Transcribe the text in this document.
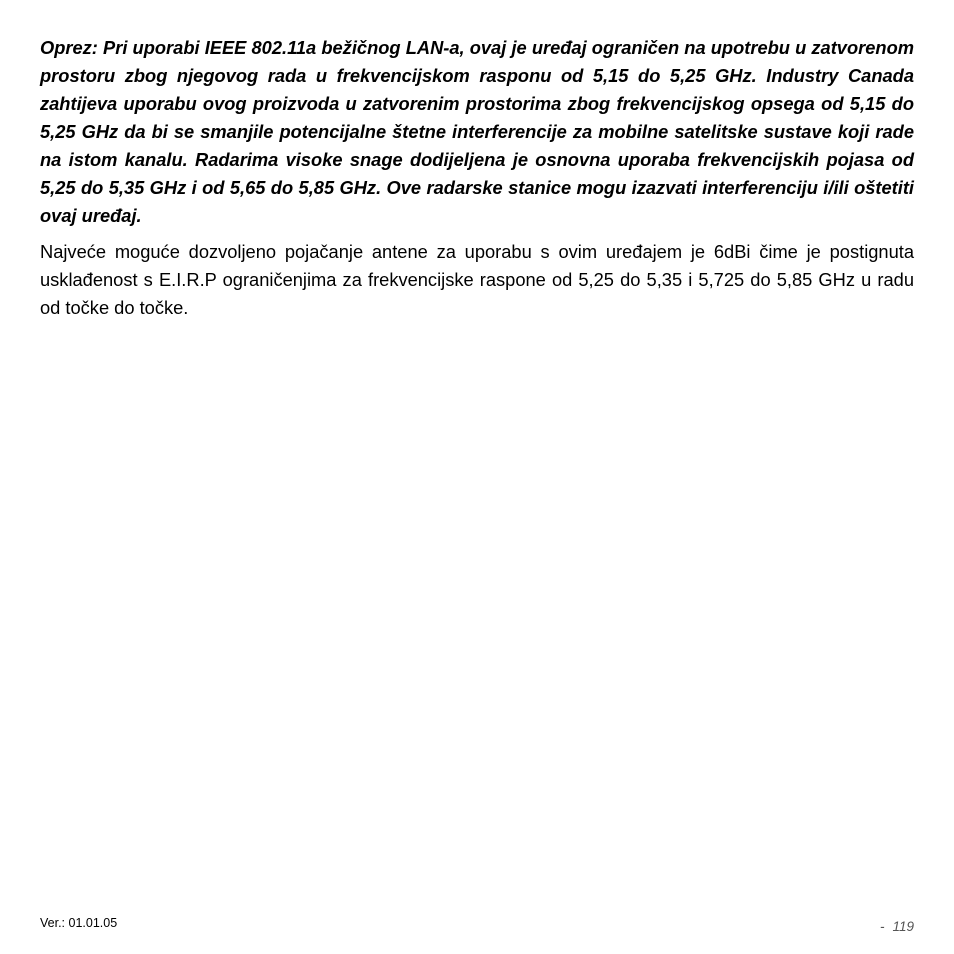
Oprez: Pri uporabi IEEE 802.11a bežičnog LAN-a, ovaj je uređaj ograničen na upotrebu u zatvorenom prostoru zbog njegovog rada u frekvencijskom rasponu od 5,15 do 5,25 GHz. Industry Canada zahtijeva uporabu ovog proizvoda u zatvorenim prostorima zbog frekvencijskog opsega od 5,15 do 5,25 GHz da bi se smanjile potencijalne štetne interferencije za mobilne satelitske sustave koji rade na istom kanalu. Radarima visoke snage dodijeljena je osnovna uporaba frekvencijskih pojasa od 5,25 do 5,35 GHz i od 5,65 do 5,85 GHz. Ove radarske stanice mogu izazvati interferenciju i/ili oštetiti ovaj uređaj.

Najveće moguće dozvoljeno pojačanje antene za uporabu s ovim uređajem je 6dBi čime je postignuta usklađenost s E.I.R.P ograničenjima za frekvencijske raspone od 5,25 do 5,35 i 5,725 do 5,85 GHz u radu od točke do točke.

Ver.: 01.01.05	- 119
